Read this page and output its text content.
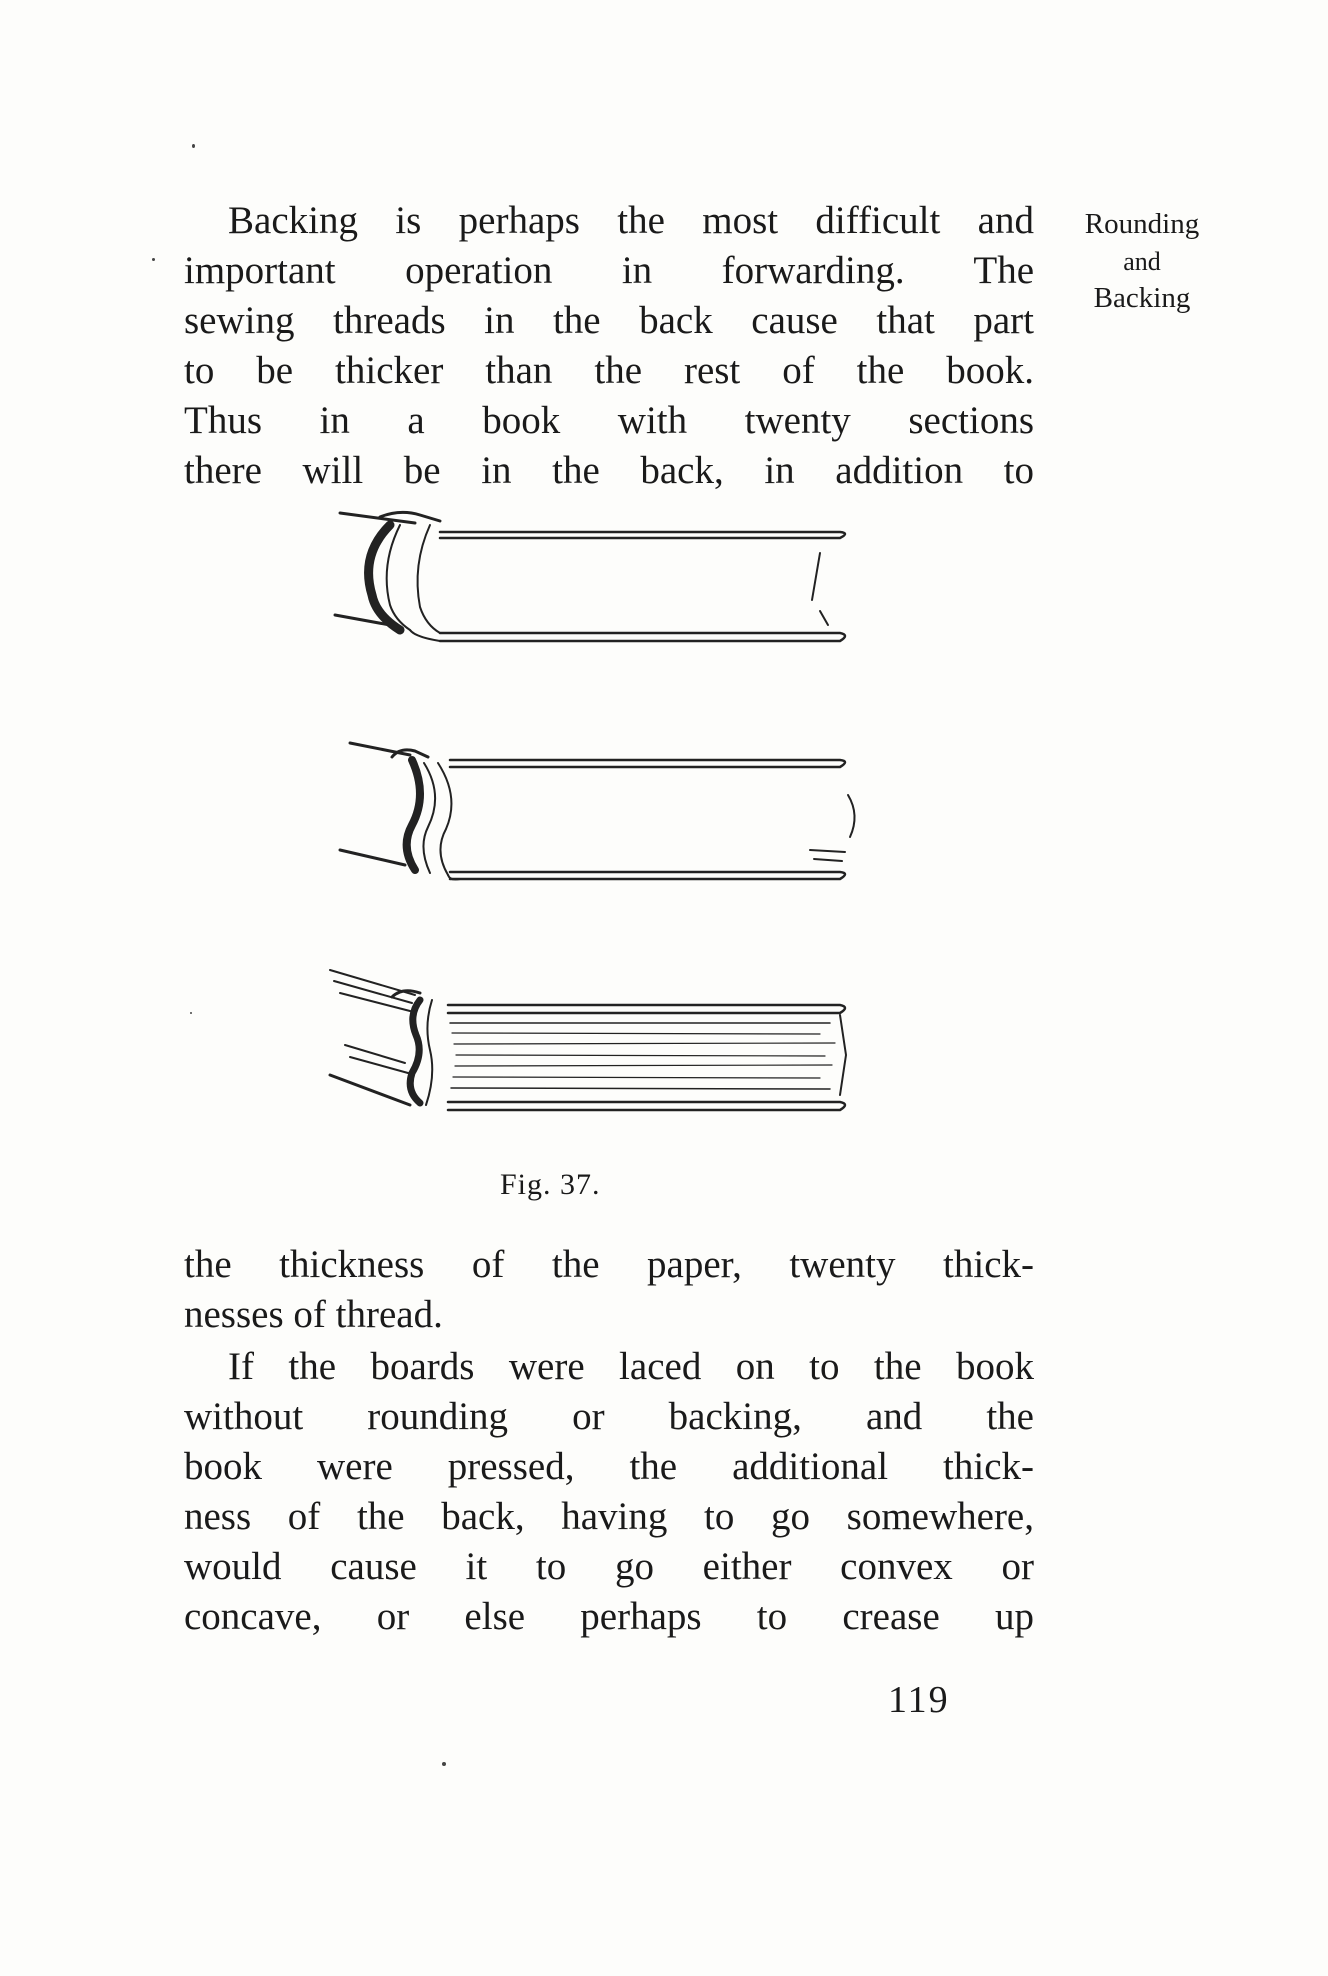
Rounding
and
Backing

Backing is perhaps the most difficult and
important operation in forwarding. The
sewing threads in the back cause that part
to be thicker than the rest of the book.
Thus in a book with twenty sections
there will be in the back, in addition to

Fig. 37.

the thickness of the paper, twenty thick-
nesses of thread.

If the boards were laced on to the book
without rounding or backing, and the
book were pressed, the additional thick-
ness of the back, having to go somewhere,
would cause it to go either convex or
concave, or else perhaps to crease up

119
